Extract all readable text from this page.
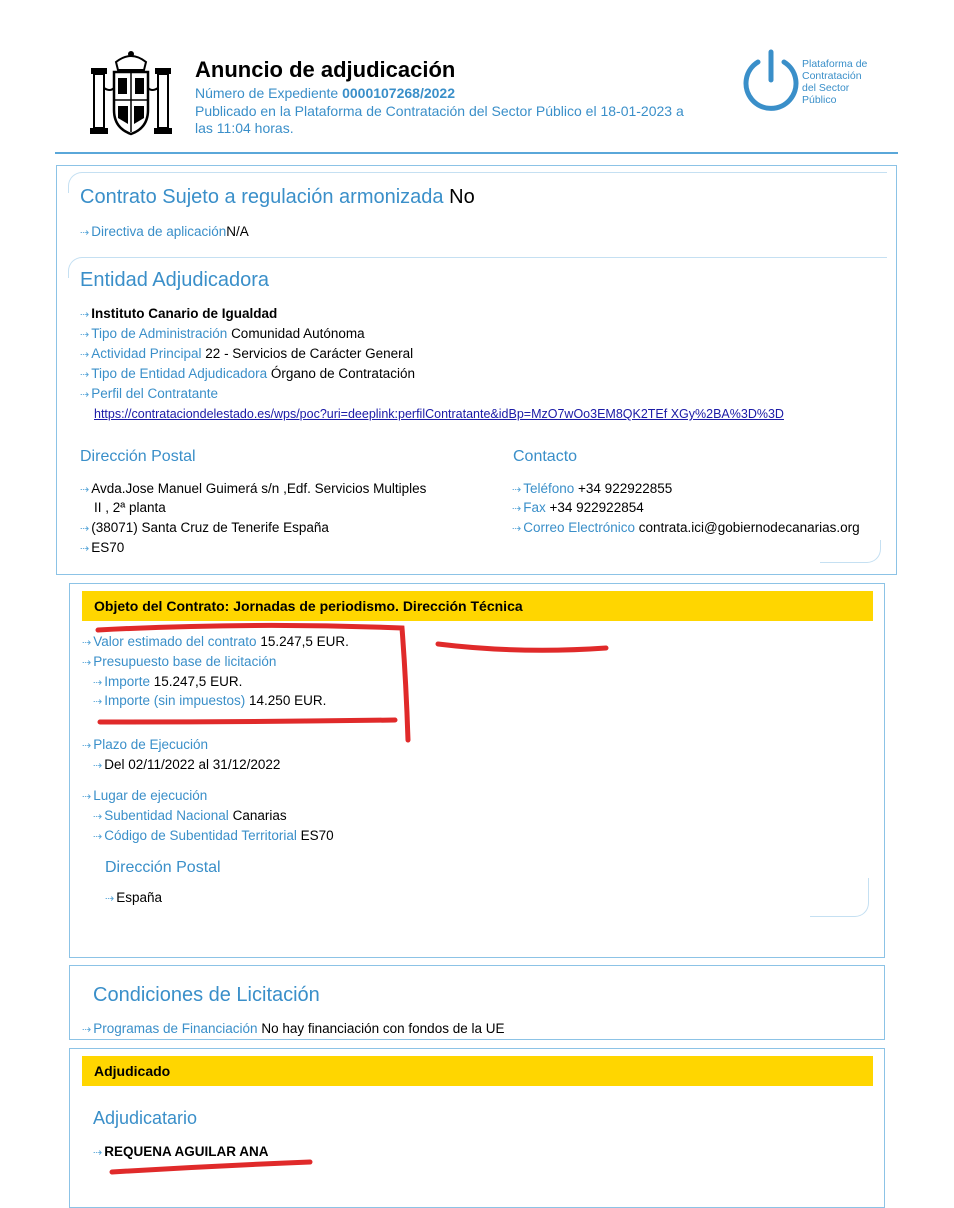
Anuncio de adjudicación
Número de Expediente 0000107268/2022
Publicado en la Plataforma de Contratación del Sector Público el 18-01-2023 a
las 11:04 horas.
Plataforma de
Contratación
del Sector
Público
Contrato Sujeto a regulación armonizada No
⇢ Directiva de aplicaciónN/A
Entidad Adjudicadora
⇢ Instituto Canario de Igualdad
⇢ Tipo de Administración Comunidad Autónoma
⇢ Actividad Principal 22 - Servicios de Carácter General
⇢ Tipo de Entidad Adjudicadora Órgano de Contratación
⇢ Perfil del Contratante
https://contrataciondelestado.es/wps/poc?uri=deeplink:perfilContratante&idBp=MzO7wOo3EM8QK2TEf XGy%2BA%3D%3D
Dirección Postal
⇢ Avda.Jose Manuel Guimerá s/n ,Edf. Servicios Multiples
II , 2ª planta
⇢ (38071) Santa Cruz de Tenerife España
⇢ ES70
Contacto
⇢ Teléfono +34 922922855
⇢ Fax +34 922922854
⇢ Correo Electrónico contrata.ici@gobiernodecanarias.org
Objeto del Contrato: Jornadas de periodismo. Dirección Técnica
⇢ Valor estimado del contrato 15.247,5 EUR.
⇢ Presupuesto base de licitación
⇢ Importe 15.247,5 EUR.
⇢ Importe (sin impuestos) 14.250 EUR.
⇢ Plazo de Ejecución
⇢ Del 02/11/2022 al 31/12/2022
⇢ Lugar de ejecución
⇢ Subentidad Nacional Canarias
⇢ Código de Subentidad Territorial ES70
Dirección Postal
⇢ España
Condiciones de Licitación
⇢ Programas de Financiación No hay financiación con fondos de la UE
Adjudicado
Adjudicatario
⇢ REQUENA AGUILAR ANA
